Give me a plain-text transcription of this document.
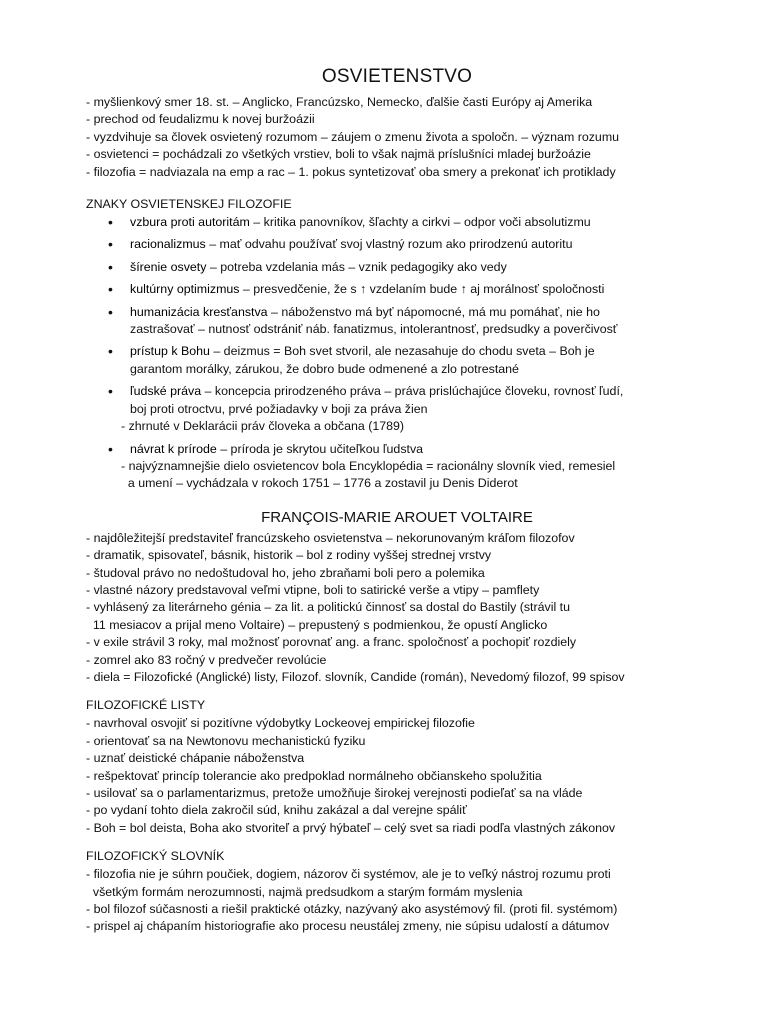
OSVIETENSTVO
- myšlienkový smer 18. st. – Anglicko, Francúzsko, Nemecko, ďalšie časti Európy aj Amerika
- prechod od feudalizmu k novej buržoázii
- vyzdvihuje sa človek osvietený rozumom – záujem o zmenu života a spoločn. – význam rozumu
- osvietenci = pochádzali zo všetkých vrstiev, boli to však najmä príslušníci mladej buržoázie
- filozofia = nadviazala na emp a rac – 1. pokus syntetizovať oba smery a prekonať ich protiklady
ZNAKY OSVIETENSKEJ FILOZOFIE
• vzbura proti autoritám – kritika panovníkov, šľachty a cirkvi – odpor voči absolutizmu
• racionalizmus – mať odvahu používať svoj vlastný rozum ako prirodzenú autoritu
• šírenie osvety – potreba vzdelania más – vznik pedagogiky ako vedy
• kultúrny optimizmus – presvedčenie, že s ↑ vzdelaním bude ↑ aj morálnosť spoločnosti
• humanizácia kresťanstva – náboženstvo má byť nápomocné, má mu pomáhať, nie ho
zastrašovať – nutnosť odstrániť náb. fanatizmus, intolerantnosť, predsudky a poverčivosť
• prístup k Bohu – deizmus = Boh svet stvoril, ale nezasahuje do chodu sveta – Boh je
garantom morálky, zárukou, že dobro bude odmenené a zlo potrestané
• ľudské práva – koncepcia prirodzeného práva – práva prislúchajúce človeku, rovnosť ľudí,
boj proti otroctvu, prvé požiadavky v boji za práva žien
- zhrnuté v Deklarácii práv človeka a občana (1789)
• návrat k prírode – príroda je skrytou učiteľkou ľudstva
- najvýznamnejšie dielo osvietencov bola Encyklopédia = racionálny slovník vied, remesiel
a umení – vychádzala v rokoch 1751 – 1776 a zostavil ju Denis Diderot
FRANÇOIS-MARIE AROUET VOLTAIRE
- najdôležitejší predstaviteľ francúzskeho osvietenstva – nekorunovaným kráľom filozofov
- dramatik, spisovateľ, básnik, historik – bol z rodiny vyššej strednej vrstvy
- študoval právo no nedoštudoval ho, jeho zbraňami boli pero a polemika
- vlastné názory predstavoval veľmi vtipne, boli to satirické verše a vtipy – pamflety
- vyhlásený za literárneho génia – za lit. a politickú činnosť sa dostal do Bastily (strávil tu
11 mesiacov a prijal meno Voltaire) – prepustený s podmienkou, že opustí Anglicko
- v exile strávil 3 roky, mal možnosť porovnať ang. a franc. spoločnosť a pochopiť rozdiely
- zomrel ako 83 ročný v predvečer revolúcie
- diela = Filozofické (Anglické) listy, Filozof. slovník, Candide (román), Nevedomý filozof, 99 spisov
FILOZOFICKÉ LISTY
- navrhoval osvojiť si pozitívne výdobytky Lockeovej empirickej filozofie
- orientovať sa na Newtonovu mechanistickú fyziku
- uznať deistické chápanie náboženstva
- rešpektovať princíp tolerancie ako predpoklad normálneho občianskeho spolužitia
- usilovať sa o parlamentarizmus, pretože umožňuje širokej verejnosti podieľať sa na vláde
- po vydaní tohto diela zakročil súd, knihu zakázal a dal verejne spáliť
- Boh = bol deista, Boha ako stvoriteľ a prvý hýbateľ – celý svet sa riadi podľa vlastných zákonov
FILOZOFICKÝ SLOVNÍK
- filozofia nie je súhrn poučiek, dogiem, názorov či systémov, ale je to veľký nástroj rozumu proti
všetkým formám nerozumnosti, najmä predsudkom a starým formám myslenia
- bol filozof súčasnosti a riešil praktické otázky, nazývaný ako asystémový fil. (proti fil. systémom)
- prispel aj chápaním historiografie ako procesu neustálej zmeny, nie súpisu udalostí a dátumov
